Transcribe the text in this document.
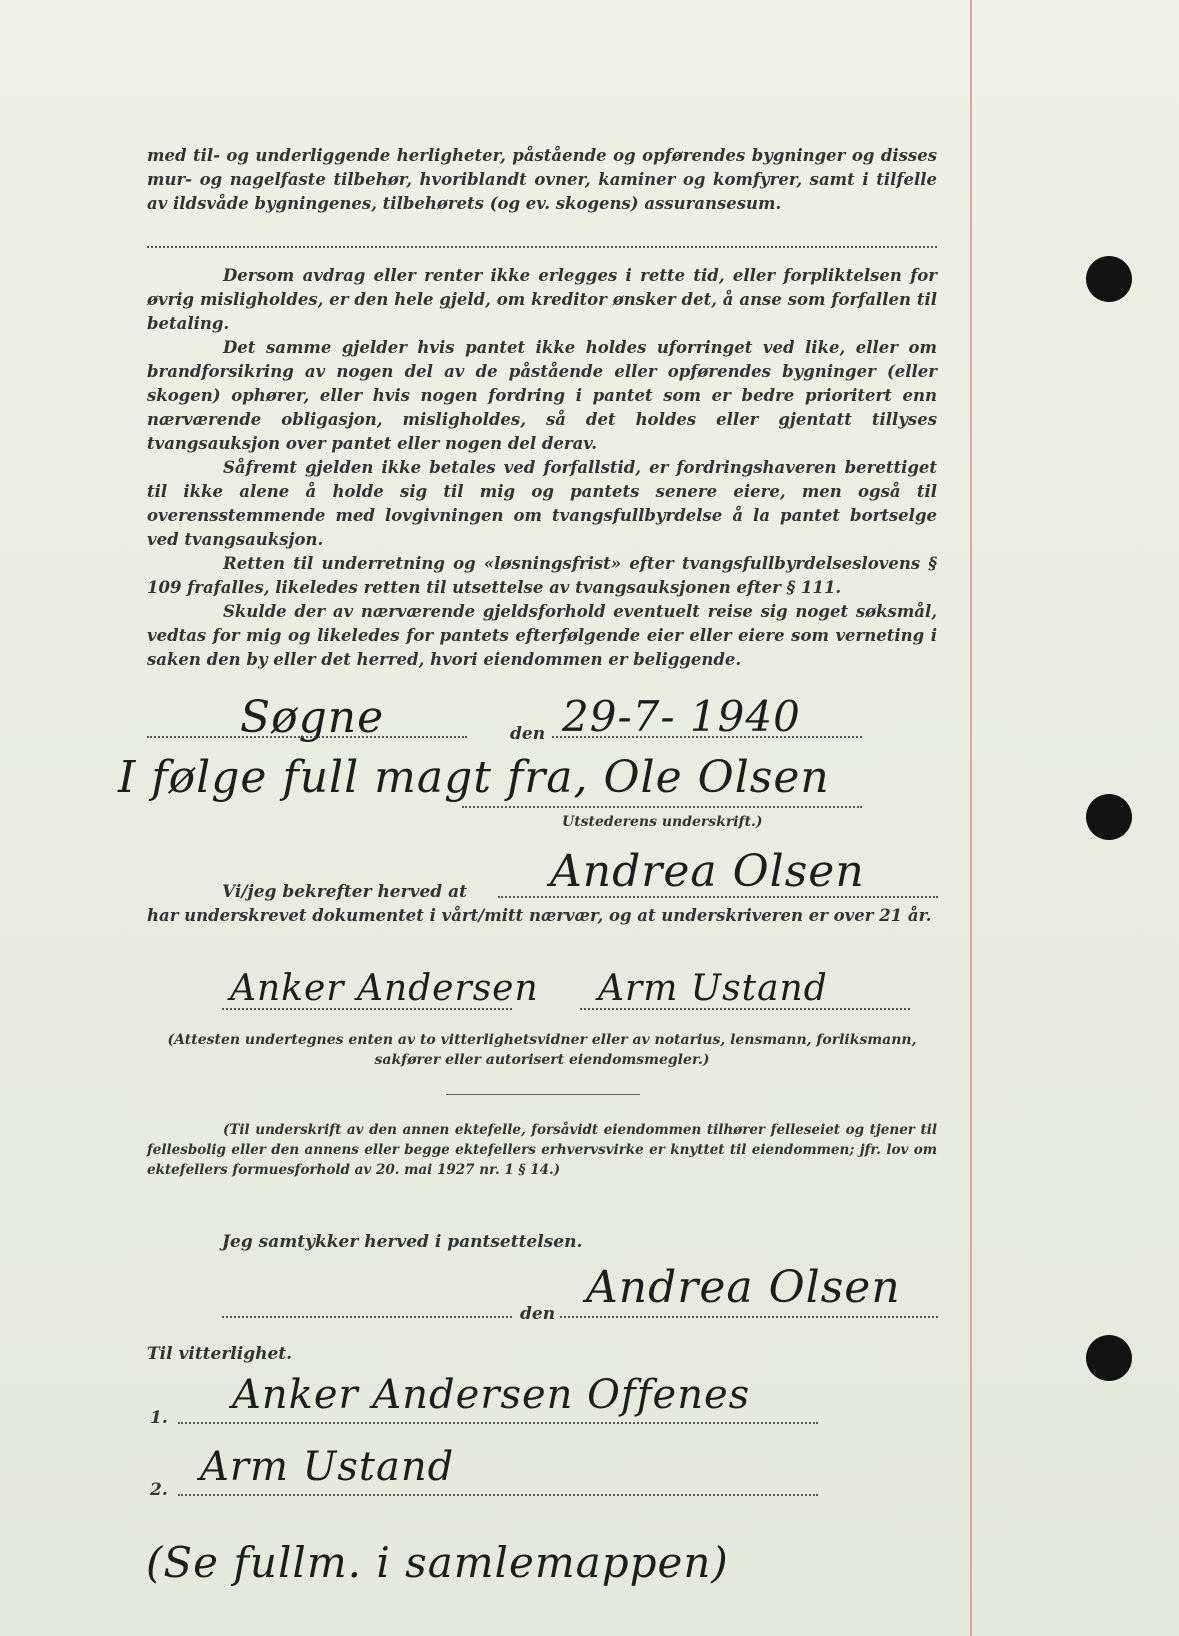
med til- og underliggende herligheter, påstående og opførendes bygninger og disses mur- og nagelfaste tilbehør, hvoriblandt ovner, kaminer og komfyrer, samt i tilfelle av ildsvåde bygningenes, tilbehørets (og ev. skogens) assuransesum.

Dersom avdrag eller renter ikke erlegges i rette tid, eller forpliktelsen for øvrig misligholdes, er den hele gjeld, om kreditor ønsker det, å anse som forfallen til betaling.

Det samme gjelder hvis pantet ikke holdes uforringet ved like, eller om brandforsikring av nogen del av de påstående eller opførendes bygninger (eller skogen) ophører, eller hvis nogen fordring i pantet som er bedre prioritert enn nærværende obligasjon, misligholdes, så det holdes eller gjentatt tillyses tvangsauksjon over pantet eller nogen del derav.

Såfremt gjelden ikke betales ved forfallstid, er fordringshaveren berettiget til ikke alene å holde sig til mig og pantets senere eiere, men også til overensstemmende med lovgivningen om tvangsfullbyrdelse å la pantet bortselge ved tvangsauksjon.

Retten til underretning og «løsningsfrist» efter tvangsfullbyrdelseslovens § 109 frafalles, likeledes retten til utsettelse av tvangsauksjonen efter § 111.

Skulde der av nærværende gjeldsforhold eventuelt reise sig noget søksmål, vedtas for mig og likeledes for pantets efterfølgende eier eller eiere som verneting i saken den by eller det herred, hvori eiendommen er beliggende.

Søgne	den 29-7- 1940
I følge full magt fra, Ole Olsen
Utstederens underskrift.)
Andrea Olsen
Vi/jeg bekrefter herved at

har underskrevet dokumentet i vårt/mitt nærvær, og at underskriveren er over 21 år.

Anker Andersen Arm Ustand
(Attesten undertegnes enten av to vitterlighetsvidner eller av notarius, lensmann, forliksmann, sakfører eller autorisert eiendomsmegler.)
(Til underskrift av den annen ektefelle, forsåvidt eiendommen tilhører felleseiet og tjener til fellesbolig eller den annens eller begge ektefellers erhvervsvirke er knyttet til eiendommen; jfr. lov om ektefellers formuesforhold av 20. mai 1927 nr. 1 § 14.)
Jeg samtykker herved i pantsettelsen.
Andrea Olsen
den
Til vitterlighet.
1. Anker Andersen Offenes
2. Arm Ustand
(Se fullm. i samlemappen)
